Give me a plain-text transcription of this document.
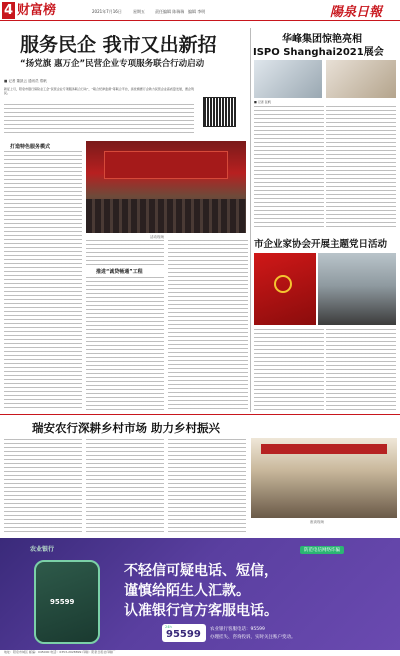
4 财富榜	2021年7月16日	星期五	责任编辑 陈瑞瑞 编辑 李明	陽泉日報
服务民企 我市又出新招
“扬党旗 惠万企”民营企业专项服务联合行动启动
■ 记者 董凯云 通讯员 郑帆
新征上月，阳泉市银行保险业工会“民营企业专项服务联合行动”，“联合纪律监督”等联合平台，扬党旗惠万企助力民营企业高质量发展，惠企利民。
活动现场
打造特色服务模式
推进“诚贷畅通”工程
华峰集团惊艳亮相
ISPO Shanghai2021展会
■ 记者 张帆
市企业家协会开展主题党日活动
瑞安农行深耕乡村市场 助力乡村振兴
座谈现场
农业银行
95599
防范电信网络诈骗
不轻信可疑电话、短信，
谨慎给陌生人汇款。
认准银行官方客服电话。
24h
95599 农业银行客服电话：95599
办理挂失、咨询投诉，实时关注账户变动。
地址：阳泉市城区 邮编：045000 电话：0353-2028899 印刷：阳泉日报社印刷厂
